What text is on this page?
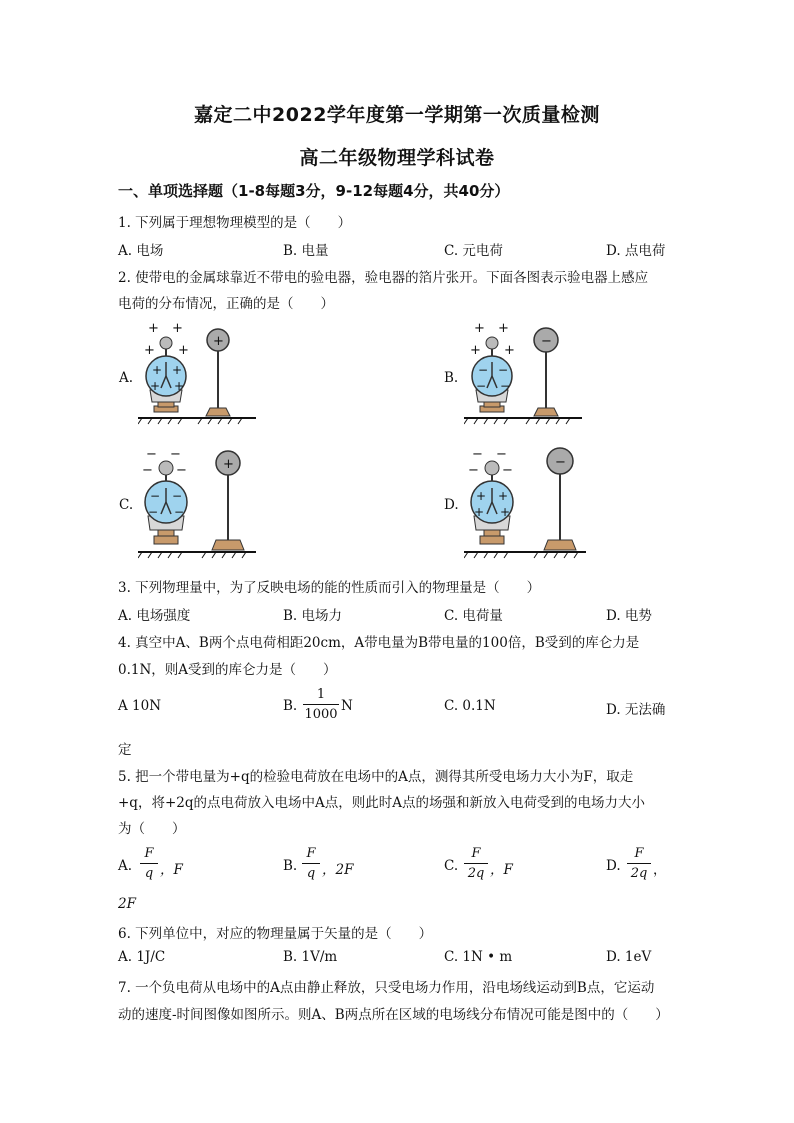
嘉定二中2022学年度第一学期第一次质量检测
高二年级物理学科试卷
一、单项选择题（1-8每题3分，9-12每题4分，共40分）
1. 下列属于理想物理模型的是（　　）
A. 电场	B. 电量	C. 元电荷	D. 点电荷
2. 使带电的金属球靠近不带电的验电器，验电器的箔片张开。下面各图表示验电器上感应
电荷的分布情况，正确的是（　　）
A.	B.
C.	D.
+ +
+ +
+ +
+ +
+
+ +
+ +
− −
− −
−
− −
− −
− −
− −
+
− −
− −
+ +
+ +
−
3. 下列物理量中，为了反映电场的能的性质而引入的物理量是（　　）
A. 电场强度	B. 电场力	C. 电荷量	D. 电势
4. 真空中A、B两个点电荷相距20cm，A带电量为B带电量的100倍，B受到的库仑力是
0.1N，则A受到的库仑力是（　　）
A 10N	B.
1
1000
N	C. 0.1N	D. 无法确
定
5. 把一个带电量为+q的检验电荷放在电场中的A点，测得其所受电场力大小为F，取走
+q，将+2q的点电荷放入电场中A点，则此时A点的场强和新放入电荷受到的电场力大小
为（　　）
A.
F
q ，F	B.
F
q ，2F	C.
F
2q ，F	D.
F
2q ，
2F
6. 下列单位中，对应的物理量属于矢量的是（　　）
A. 1J/C	B. 1V/m	C. 1N • m	D. 1eV
7. 一个负电荷从电场中的A点由静止释放，只受电场力作用，沿电场线运动到B点，它运动
动的速度-时间图像如图所示。则A、B两点所在区域的电场线分布情况可能是图中的（　　）
